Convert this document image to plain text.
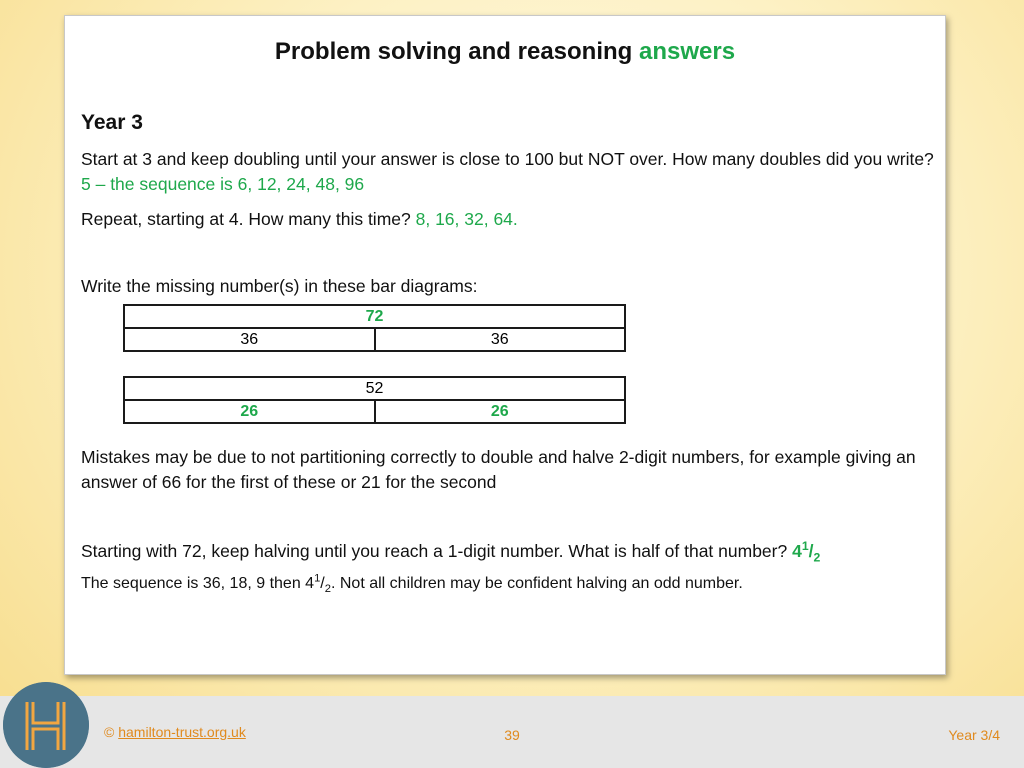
Problem solving and reasoning answers
Year 3
Start at 3 and keep doubling until your answer is close to 100 but NOT over. How many doubles did you write? 5 – the sequence is 6, 12, 24, 48, 96
Repeat, starting at 4. How many this time? 8, 16, 32, 64.
Write the missing number(s) in these bar diagrams:
72
36	36
52
26	26
Mistakes may be due to not partitioning correctly to double and halve 2-digit numbers, for example giving an answer of 66 for the first of these or 21 for the second
Starting with 72, keep halving until you reach a 1-digit number. What is half of that number? $4^1/_2$
The sequence is 36, 18, 9 then $4^1/_2$. Not all children may be confident halving an odd number.
© hamilton-trust.org.uk	39	Year 3/4
